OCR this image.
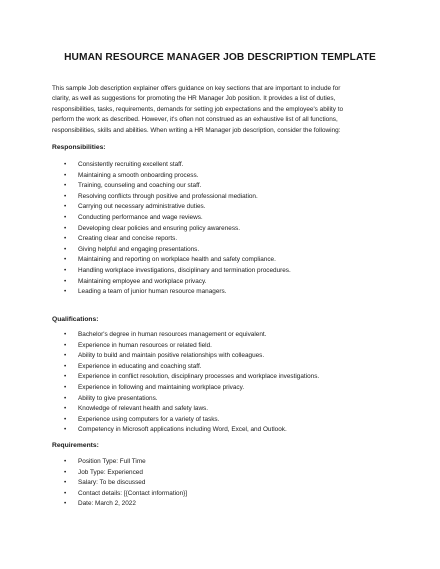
HUMAN RESOURCE MANAGER JOB DESCRIPTION TEMPLATE
This sample Job description explainer offers guidance on key sections that are important to include for
clarity, as well as suggestions for promoting the HR Manager Job position. It provides a list of duties,
responsibilities, tasks, requirements, demands for setting job expectations and the employee's ability to
perform the work as described. However, it's often not construed as an exhaustive list of all functions,
responsibilities, skills and abilities. When writing a HR Manager job description, consider the following:
Responsibilities:
• Consistently recruiting excellent staff.
• Maintaining a smooth onboarding process.
• Training, counseling and coaching our staff.
• Resolving conflicts through positive and professional mediation.
• Carrying out necessary administrative duties.
• Conducting performance and wage reviews.
• Developing clear policies and ensuring policy awareness.
• Creating clear and concise reports.
• Giving helpful and engaging presentations.
• Maintaining and reporting on workplace health and safety compliance.
• Handling workplace investigations, disciplinary and termination procedures.
• Maintaining employee and workplace privacy.
• Leading a team of junior human resource managers.
Qualifications:
• Bachelor's degree in human resources management or equivalent.
• Experience in human resources or related field.
• Ability to build and maintain positive relationships with colleagues.
• Experience in educating and coaching staff.
• Experience in conflict resolution, disciplinary processes and workplace investigations.
• Experience in following and maintaining workplace privacy.
• Ability to give presentations.
• Knowledge of relevant health and safety laws.
• Experience using computers for a variety of tasks.
• Competency in Microsoft applications including Word, Excel, and Outlook.
Requirements:
• Position Type: Full Time
• Job Type: Experienced
• Salary: To be discussed
• Contact details: [{Contact information}]
• Date: March 2, 2022
